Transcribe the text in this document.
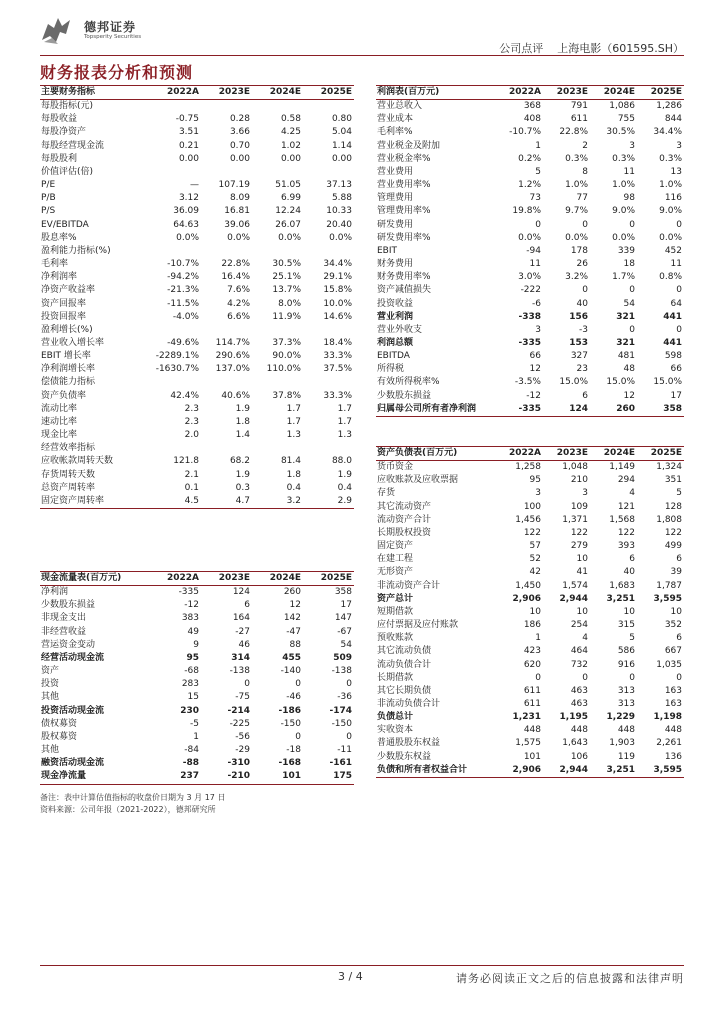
德邦证券
Topsperity Securities
公司点评 上海电影（601595.SH）
财务报表分析和预测
主要财务指标	2022A	2023E	2024E	2025E
每股指标(元)				
每股收益	-0.75	0.28	0.58	0.80
每股净资产	3.51	3.66	4.25	5.04
每股经营现金流	0.21	0.70	1.02	1.14
每股股利	0.00	0.00	0.00	0.00
价值评估(倍)				
P/E	—	107.19	51.05	37.13
P/B	3.12	8.09	6.99	5.88
P/S	36.09	16.81	12.24	10.33
EV/EBITDA	64.63	39.06	26.07	20.40
股息率%	0.0%	0.0%	0.0%	0.0%
盈利能力指标(%)				
毛利率	-10.7%	22.8%	30.5%	34.4%
净利润率	-94.2%	16.4%	25.1%	29.1%
净资产收益率	-21.3%	7.6%	13.7%	15.8%
资产回报率	-11.5%	4.2%	8.0%	10.0%
投资回报率	-4.0%	6.6%	11.9%	14.6%
盈利增长(%)				
营业收入增长率	-49.6%	114.7%	37.3%	18.4%
EBIT 增长率	-2289.1%	290.6%	90.0%	33.3%
净利润增长率	-1630.7%	137.0%	110.0%	37.5%
偿债能力指标				
资产负债率	42.4%	40.6%	37.8%	33.3%
流动比率	2.3	1.9	1.7	1.7
速动比率	2.3	1.8	1.7	1.7
现金比率	2.0	1.4	1.3	1.3
经营效率指标				
应收帐款周转天数	121.8	68.2	81.4	88.0
存货周转天数	2.1	1.9	1.8	1.9
总资产周转率	0.1	0.3	0.4	0.4
固定资产周转率	4.5	4.7	3.2	2.9
现金流量表(百万元)	2022A	2023E	2024E	2025E
净利润	-335	124	260	358
少数股东损益	-12	6	12	17
非现金支出	383	164	142	147
非经营收益	49	-27	-47	-67
营运资金变动	9	46	88	54
经营活动现金流	95	314	455	509
资产	-68	-138	-140	-138
投资	283	0	0	0
其他	15	-75	-46	-36
投资活动现金流	230	-214	-186	-174
债权募资	-5	-225	-150	-150
股权募资	1	-56	0	0
其他	-84	-29	-18	-11
融资活动现金流	-88	-310	-168	-161
现金净流量	237	-210	101	175
利润表(百万元)	2022A	2023E	2024E	2025E
营业总收入	368	791	1,086	1,286
营业成本	408	611	755	844
毛利率%	-10.7%	22.8%	30.5%	34.4%
营业税金及附加	1	2	3	3
营业税金率%	0.2%	0.3%	0.3%	0.3%
营业费用	5	8	11	13
营业费用率%	1.2%	1.0%	1.0%	1.0%
管理费用	73	77	98	116
管理费用率%	19.8%	9.7%	9.0%	9.0%
研发费用	0	0	0	0
研发费用率%	0.0%	0.0%	0.0%	0.0%
EBIT	-94	178	339	452
财务费用	11	26	18	11
财务费用率%	3.0%	3.2%	1.7%	0.8%
资产减值损失	-222	0	0	0
投资收益	-6	40	54	64
营业利润	-338	156	321	441
营业外收支	3	-3	0	0
利润总额	-335	153	321	441
EBITDA	66	327	481	598
所得税	12	23	48	66
有效所得税率%	-3.5%	15.0%	15.0%	15.0%
少数股东损益	-12	6	12	17
归属母公司所有者净利润	-335	124	260	358
资产负债表(百万元)	2022A	2023E	2024E	2025E
货币资金	1,258	1,048	1,149	1,324
应收账款及应收票据	95	210	294	351
存货	3	3	4	5
其它流动资产	100	109	121	128
流动资产合计	1,456	1,371	1,568	1,808
长期股权投资	122	122	122	122
固定资产	57	279	393	499
在建工程	52	10	6	6
无形资产	42	41	40	39
非流动资产合计	1,450	1,574	1,683	1,787
资产总计	2,906	2,944	3,251	3,595
短期借款	10	10	10	10
应付票据及应付账款	186	254	315	352
预收账款	1	4	5	6
其它流动负债	423	464	586	667
流动负债合计	620	732	916	1,035
长期借款	0	0	0	0
其它长期负债	611	463	313	163
非流动负债合计	611	463	313	163
负债总计	1,231	1,195	1,229	1,198
实收资本	448	448	448	448
普通股股东权益	1,575	1,643	1,903	2,261
少数股东权益	101	106	119	136
负债和所有者权益合计	2,906	2,944	3,251	3,595
备注：表中计算估值指标的收盘价日期为 3 月 17 日
资料来源：公司年报（2021-2022），德邦研究所
3 / 4	请务必阅读正文之后的信息披露和法律声明
